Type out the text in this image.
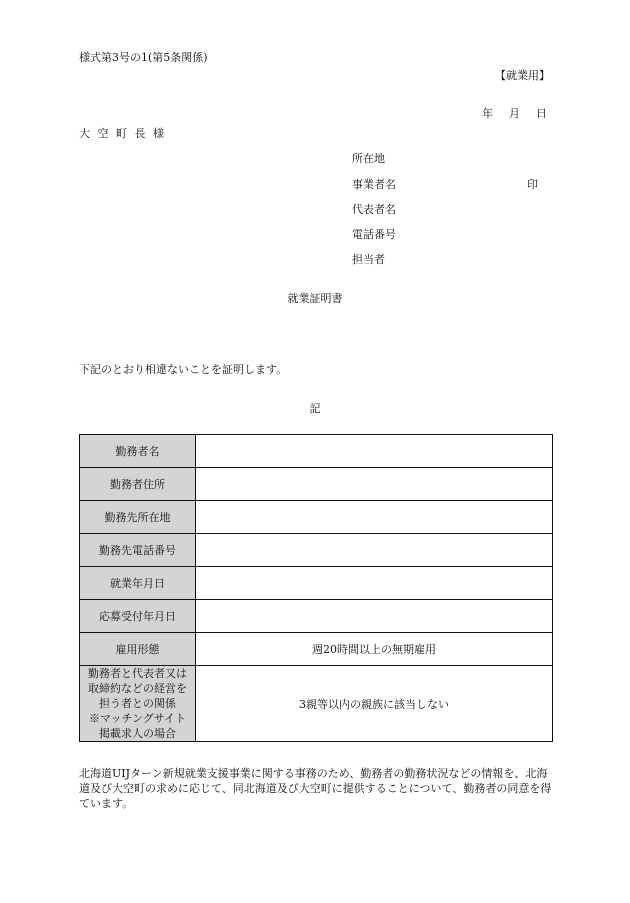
様式第3号の1(第5条関係)
【就業用】
年 月 日
大 空 町 長 様
所在地
事業者名	印
代表者名
電話番号
担当者
就業証明書
下記のとおり相違ないことを証明します。
記
勤務者名	
勤務者住所	
勤務先所在地	
勤務先電話番号	
就業年月日	
応募受付年月日	
雇用形態	週20時間以上の無期雇用

勤務者と代表者又は
取締約などの経営を
担う者との関係
※マッチングサイト
掲載求人の場合	3親等以内の親族に該当しない
北海道UIJターン新規就業支援事業に関する事務のため、勤務者の勤務状況などの情報を、北海道及び大空町の求めに応じて、同北海道及び大空町に提供することについて、勤務者の同意を得ています。
